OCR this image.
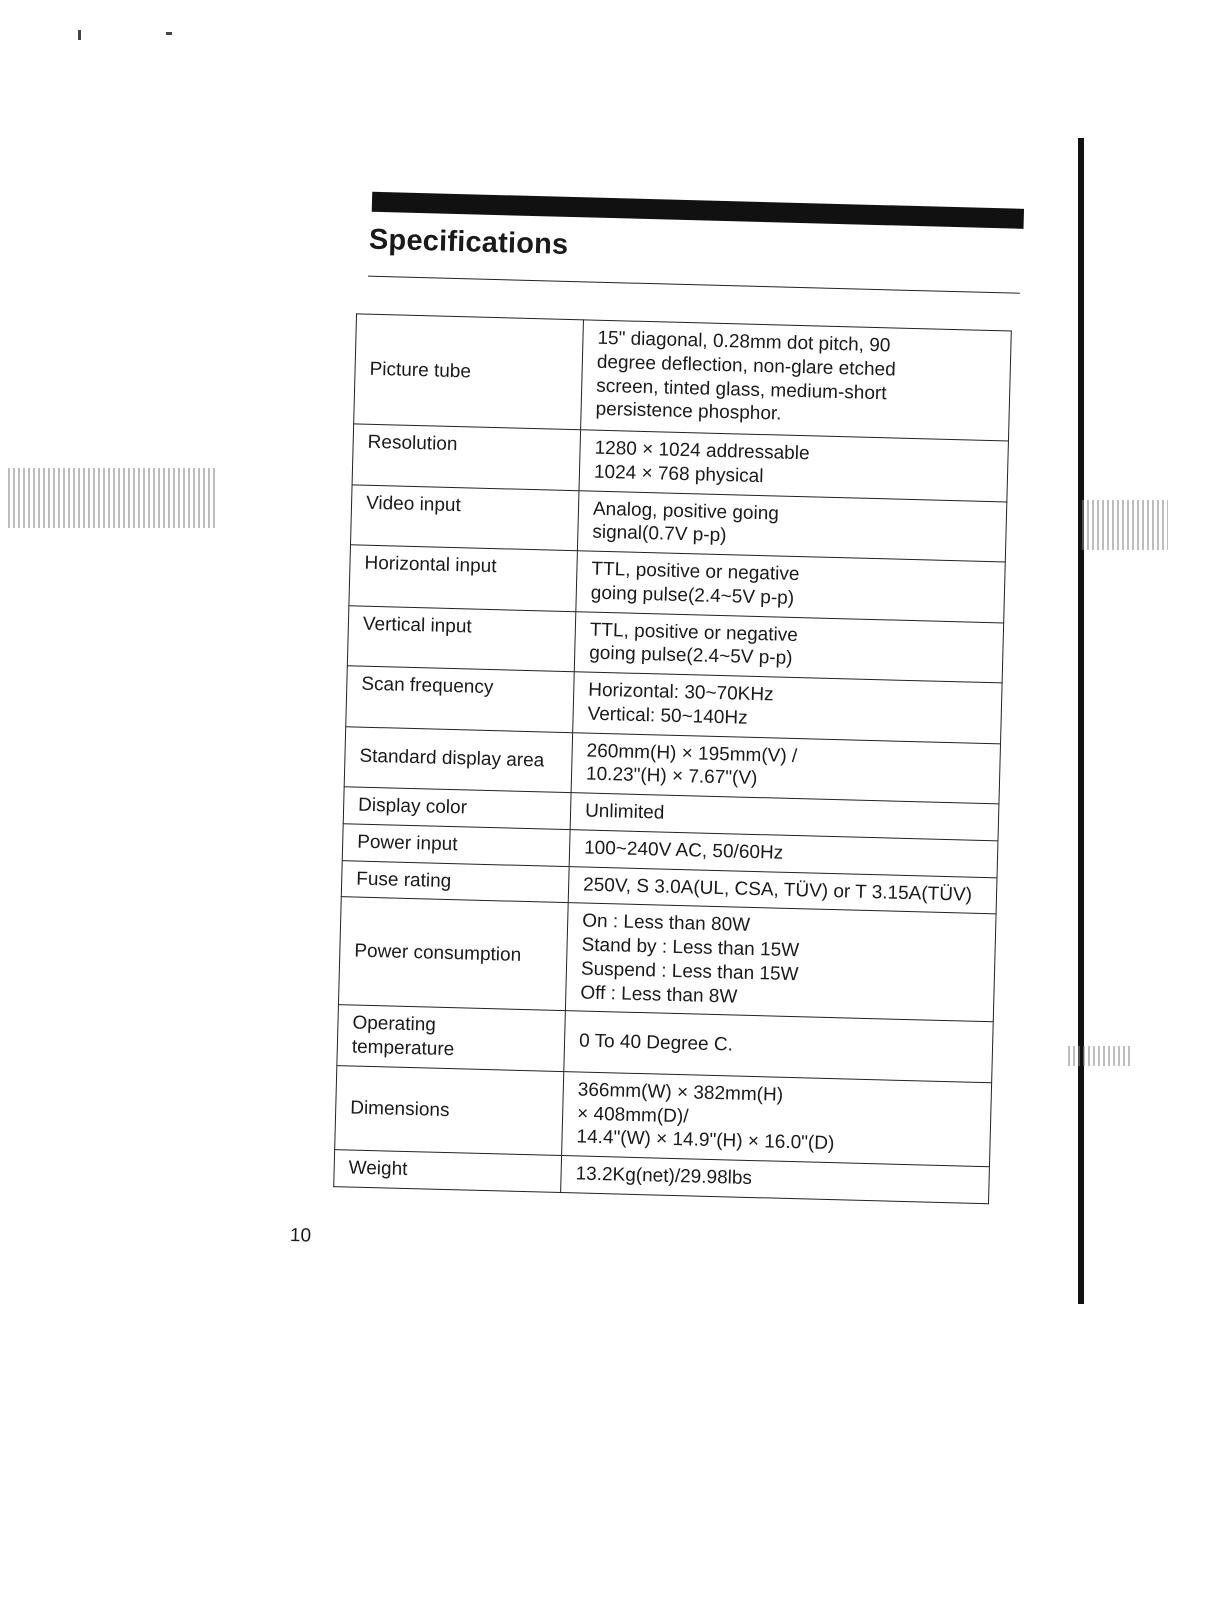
Specifications
Picture tube	15" diagonal, 0.28mm dot pitch, 90
degree deflection, non-glare etched
screen, tinted glass, medium-short
persistence phosphor.

Resolution	1280 × 1024 addressable
1024 × 768 physical

Video input	Analog, positive going
signal(0.7V p-p)

Horizontal input	TTL, positive or negative
going pulse(2.4~5V p-p)

Vertical input	TTL, positive or negative
going pulse(2.4~5V p-p)

Scan frequency	Horizontal: 30~70KHz
Vertical: 50~140Hz

Standard display area	260mm(H) × 195mm(V) /
10.23"(H) × 7.67"(V)

Display color	Unlimited

Power input	100~240V AC, 50/60Hz

Fuse rating	250V, S 3.0A(UL, CSA, TÜV) or T 3.15A(TÜV)

Power consumption	On : Less than 80W
Stand by : Less than 15W
Suspend : Less than 15W
Off : Less than 8W

Operating
temperature	0 To 40 Degree C.

Dimensions	366mm(W) × 382mm(H)
× 408mm(D)/
14.4"(W) × 14.9"(H) × 16.0"(D)

Weight	13.2Kg(net)/29.98lbs
10
